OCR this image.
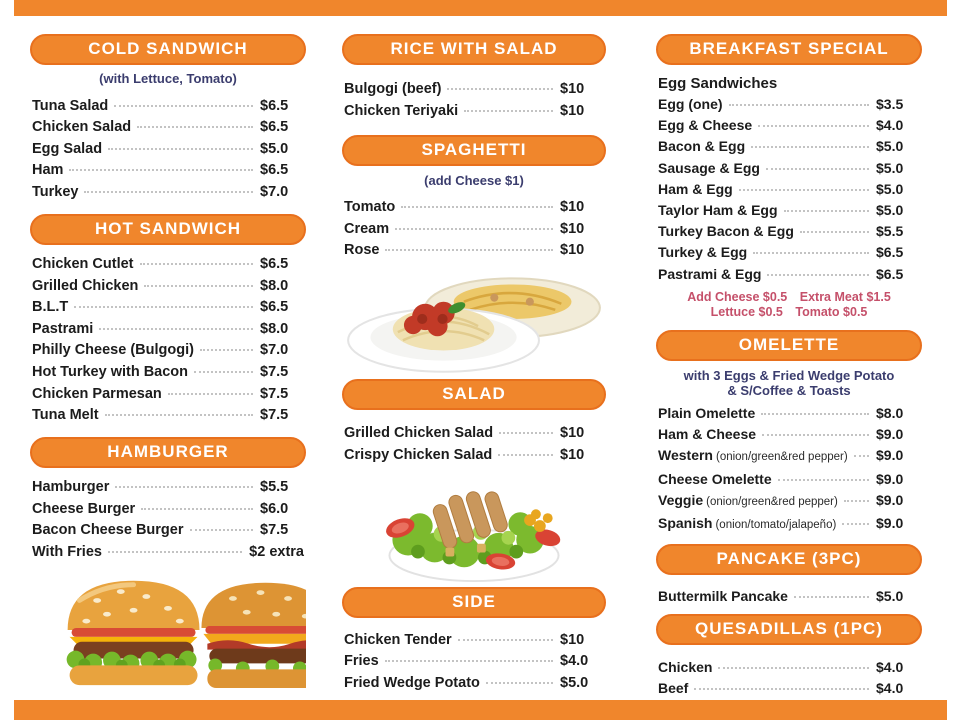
COLD SANDWICH
(with Lettuce, Tomato)
Tuna Salad	$6.5
Chicken Salad	$6.5
Egg Salad	$5.0
Ham	$6.5
Turkey	$7.0
HOT SANDWICH
Chicken Cutlet	$6.5
Grilled Chicken	$8.0
B.L.T	$6.5
Pastrami	$8.0
Philly Cheese (Bulgogi)	$7.0
Hot Turkey with Bacon	$7.5
Chicken Parmesan	$7.5
Tuna Melt	$7.5
HAMBURGER
Hamburger	$5.5
Cheese Burger	$6.0
Bacon Cheese Burger	$7.5
With Fries	$2 extra
RICE WITH SALAD
Bulgogi (beef)	$10
Chicken Teriyaki	$10
SPAGHETTI
(add Cheese $1)
Tomato	$10
Cream	$10
Rose	$10
SALAD
Grilled Chicken Salad	$10
Crispy Chicken Salad	$10
SIDE
Chicken Tender	$10
Fries	$4.0
Fried Wedge Potato	$5.0
BREAKFAST SPECIAL
Egg Sandwiches
Egg (one)	$3.5
Egg & Cheese	$4.0
Bacon & Egg	$5.0
Sausage & Egg	$5.0
Ham & Egg	$5.0
Taylor Ham & Egg	$5.0
Turkey Bacon & Egg	$5.5
Turkey & Egg	$6.5
Pastrami & Egg	$6.5
Add Cheese $0.5  Extra Meat $1.5
Lettuce $0.5  Tomato $0.5
OMELETTE
with 3 Eggs & Fried Wedge Potato
& S/Coffee & Toasts
Plain Omelette	$8.0
Ham & Cheese	$9.0
Western (onion/green&red pepper) $9.0
Cheese Omelette	$9.0
Veggie (onion/green&red pepper)	$9.0
Spanish (onion/tomato/jalapeño)	$9.0
PANCAKE (3PC)
Buttermilk Pancake	$5.0
QUESADILLAS (1PC)
Chicken	$4.0
Beef	$4.0
